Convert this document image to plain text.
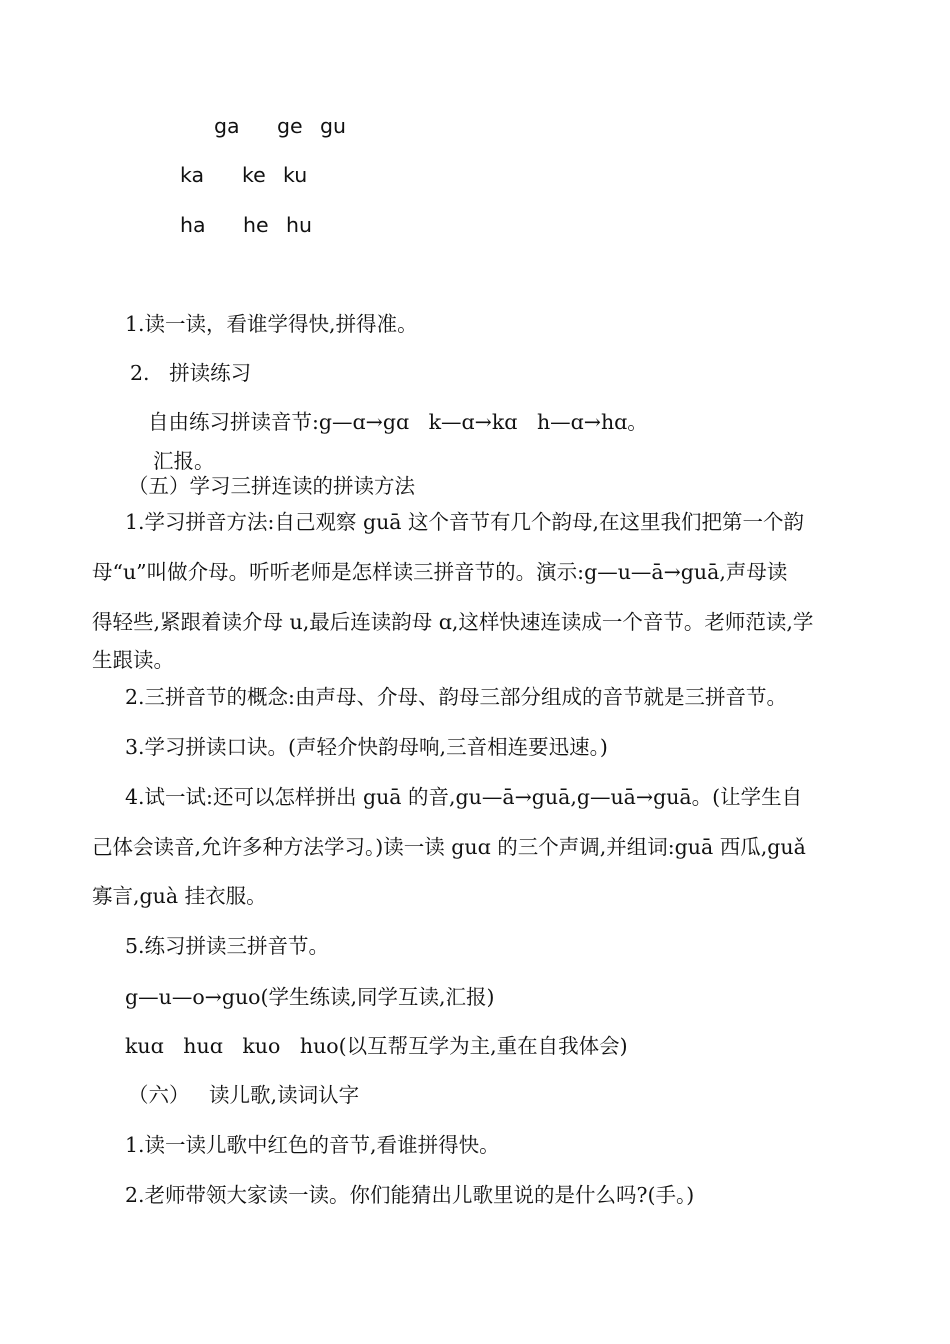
ga ge gu
ka ke ku
ha he hu
1.读一读，看谁学得快,拼得准。
2.   拼读练习
自由练习拼读音节:g—ɑ→gɑ   k—ɑ→kɑ   h—ɑ→hɑ。
汇报。
（五）学习三拼连读的拼读方法
1.学习拼音方法:自己观察 guā 这个音节有几个韵母,在这里我们把第一个韵
母“u”叫做介母。听听老师是怎样读三拼音节的。演示:g—u—ā→guā,声母读
得轻些,紧跟着读介母 u,最后连读韵母 ɑ,这样快速连读成一个音节。老师范读,学
生跟读。
2.三拼音节的概念:由声母、介母、韵母三部分组成的音节就是三拼音节。
3.学习拼读口诀。(声轻介快韵母响,三音相连要迅速。)
4.试一试:还可以怎样拼出 guā 的音,gu—ā→guā,g—uā→guā。(让学生自
己体会读音,允许多种方法学习。)读一读 guɑ 的三个声调,并组词:guā 西瓜,guǎ
寡言,guà 挂衣服。
5.练习拼读三拼音节。
g—u—o→guo(学生练读,同学互读,汇报)
kuɑ   huɑ   kuo   huo(以互帮互学为主,重在自我体会)
（六）   读儿歌,读词认字
1.读一读儿歌中红色的音节,看谁拼得快。
2.老师带领大家读一读。你们能猜出儿歌里说的是什么吗?(手。)
